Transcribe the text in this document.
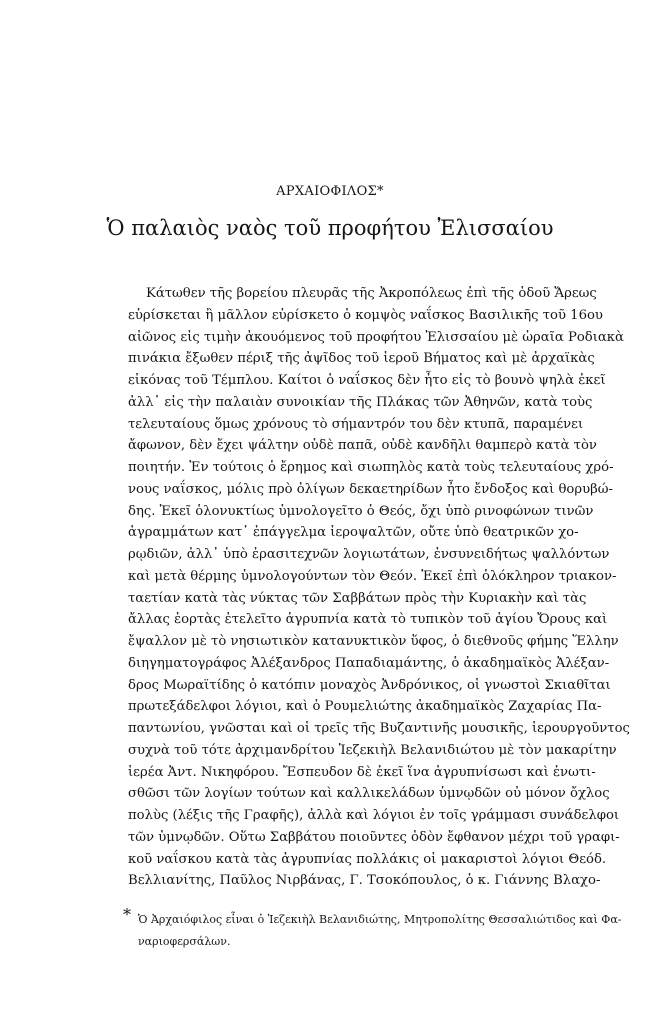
ΑΡΧΑΙΟΦΙΛΟΣ*
Ὁ παλαιὸς ναὸς τοῦ προφήτου Ἐλισσαίου
Κάτωθεν τῆς βορείου πλευρᾶς τῆς Ἀκροπόλεως ἐπὶ τῆς ὁδοῦ Ἄρεως
εὑρίσκεται ἢ μᾶλλον εὑρίσκετο ὁ κομψὸς ναΐσκος Βασιλικῆς τοῦ 16ου
αἰῶνος εἰς τιμὴν ἀκουόμενος τοῦ προφήτου Ἐλισσαίου μὲ ὡραῖα Ροδιακὰ
πινάκια ἔξωθεν πέριξ τῆς ἀψῖδος τοῦ ἱεροῦ Βήματος καὶ μὲ ἀρχαϊκὰς
εἰκόνας τοῦ Τέμπλου. Καίτοι ὁ ναΐσκος δὲν ἦτο εἰς τὸ βουνὸ ψηλὰ ἐκεῖ
ἀλλ᾽ εἰς τὴν παλαιὰν συνοικίαν τῆς Πλάκας τῶν Ἀθηνῶν, κατὰ τοὺς
τελευταίους ὅμως χρόνους τὸ σήμαντρόν του δὲν κτυπᾶ, παραμένει
ἄφωνον, δὲν ἔχει ψάλτην οὐδὲ παπᾶ, οὐδὲ κανδῆλι θαμπερὸ κατὰ τὸν
ποιητήν. Ἐν τούτοις ὁ ἔρημος καὶ σιωπηλὸς κατὰ τοὺς τελευταίους χρό-
νους ναΐσκος, μόλις πρὸ ὀλίγων δεκαετηρίδων ἦτο ἔνδοξος καὶ θορυβώ-
δης. Ἐκεῖ ὁλονυκτίως ὑμνολογεῖτο ὁ Θεός, ὄχι ὑπὸ ρινοφώνων τινῶν
ἀγραμμάτων κατ᾽ ἐπάγγελμα ἱεροψαλτῶν, οὔτε ὑπὸ θεατρικῶν χο-
ρῳδιῶν, ἀλλ᾽ ὑπὸ ἐρασιτεχνῶν λογιωτάτων, ἐνσυνειδήτως ψαλλόντων
καὶ μετὰ θέρμης ὑμνολογούντων τὸν Θεόν. Ἐκεῖ ἐπὶ ὁλόκληρον τριακον-
ταετίαν κατὰ τὰς νύκτας τῶν Σαββάτων πρὸς τὴν Κυριακὴν καὶ τὰς
ἄλλας ἑορτὰς ἐτελεῖτο ἀγρυπνία κατὰ τὸ τυπικὸν τοῦ ἁγίου Ὄρους καὶ
ἔψαλλον μὲ τὸ νησιωτικὸν κατανυκτικὸν ὕφος, ὁ διεθνοῦς φήμης Ἕλλην
διηγηματογράφος Ἀλέξανδρος Παπαδιαμάντης, ὁ ἀκαδημαϊκὸς Ἀλέξαν-
δρος Μωραϊτίδης ὁ κατόπιν μοναχὸς Ἀνδρόνικος, οἱ γνωστοὶ Σκιαθῖται
πρωτεξάδελφοι λόγιοι, καὶ ὁ Ρουμελιώτης ἀκαδημαϊκὸς Ζαχαρίας Πα-
παντωνίου, γνῶσται καὶ οἱ τρεῖς τῆς Βυζαντινῆς μουσικῆς, ἱερουργοῦντος
συχνὰ τοῦ τότε ἀρχιμανδρίτου Ἰεζεκιὴλ Βελανιδιώτου μὲ τὸν μακαρίτην
ἱερέα Ἀντ. Νικηφόρου. Ἔσπευδον δὲ ἐκεῖ ἵνα ἀγρυπνίσωσι καὶ ἐνωτι-
σθῶσι τῶν λογίων τούτων καὶ καλλικελάδων ὑμνῳδῶν οὐ μόνον ὄχλος
πολὺς (λέξις τῆς Γραφῆς), ἀλλὰ καὶ λόγιοι ἐν τοῖς γράμμασι συνάδελφοι
τῶν ὑμνῳδῶν. Οὕτω Σαββάτου ποιοῦντες ὁδὸν ἔφθανον μέχρι τοῦ γραφι-
κοῦ ναΐσκου κατὰ τὰς ἀγρυπνίας πολλάκις οἱ μακαριστοὶ λόγιοι Θεόδ.
Βελλιανίτης, Παῦλος Νιρβάνας, Γ. Τσοκόπουλος, ὁ κ. Γιάννης Βλαχο-
* Ὁ Ἀρχαιόφιλος εἶναι ὁ Ἰεζεκιὴλ Βελανιδιώτης, Μητροπολίτης Θεσσαλιώτιδος καὶ Φα-
ναριοφερσάλων.
